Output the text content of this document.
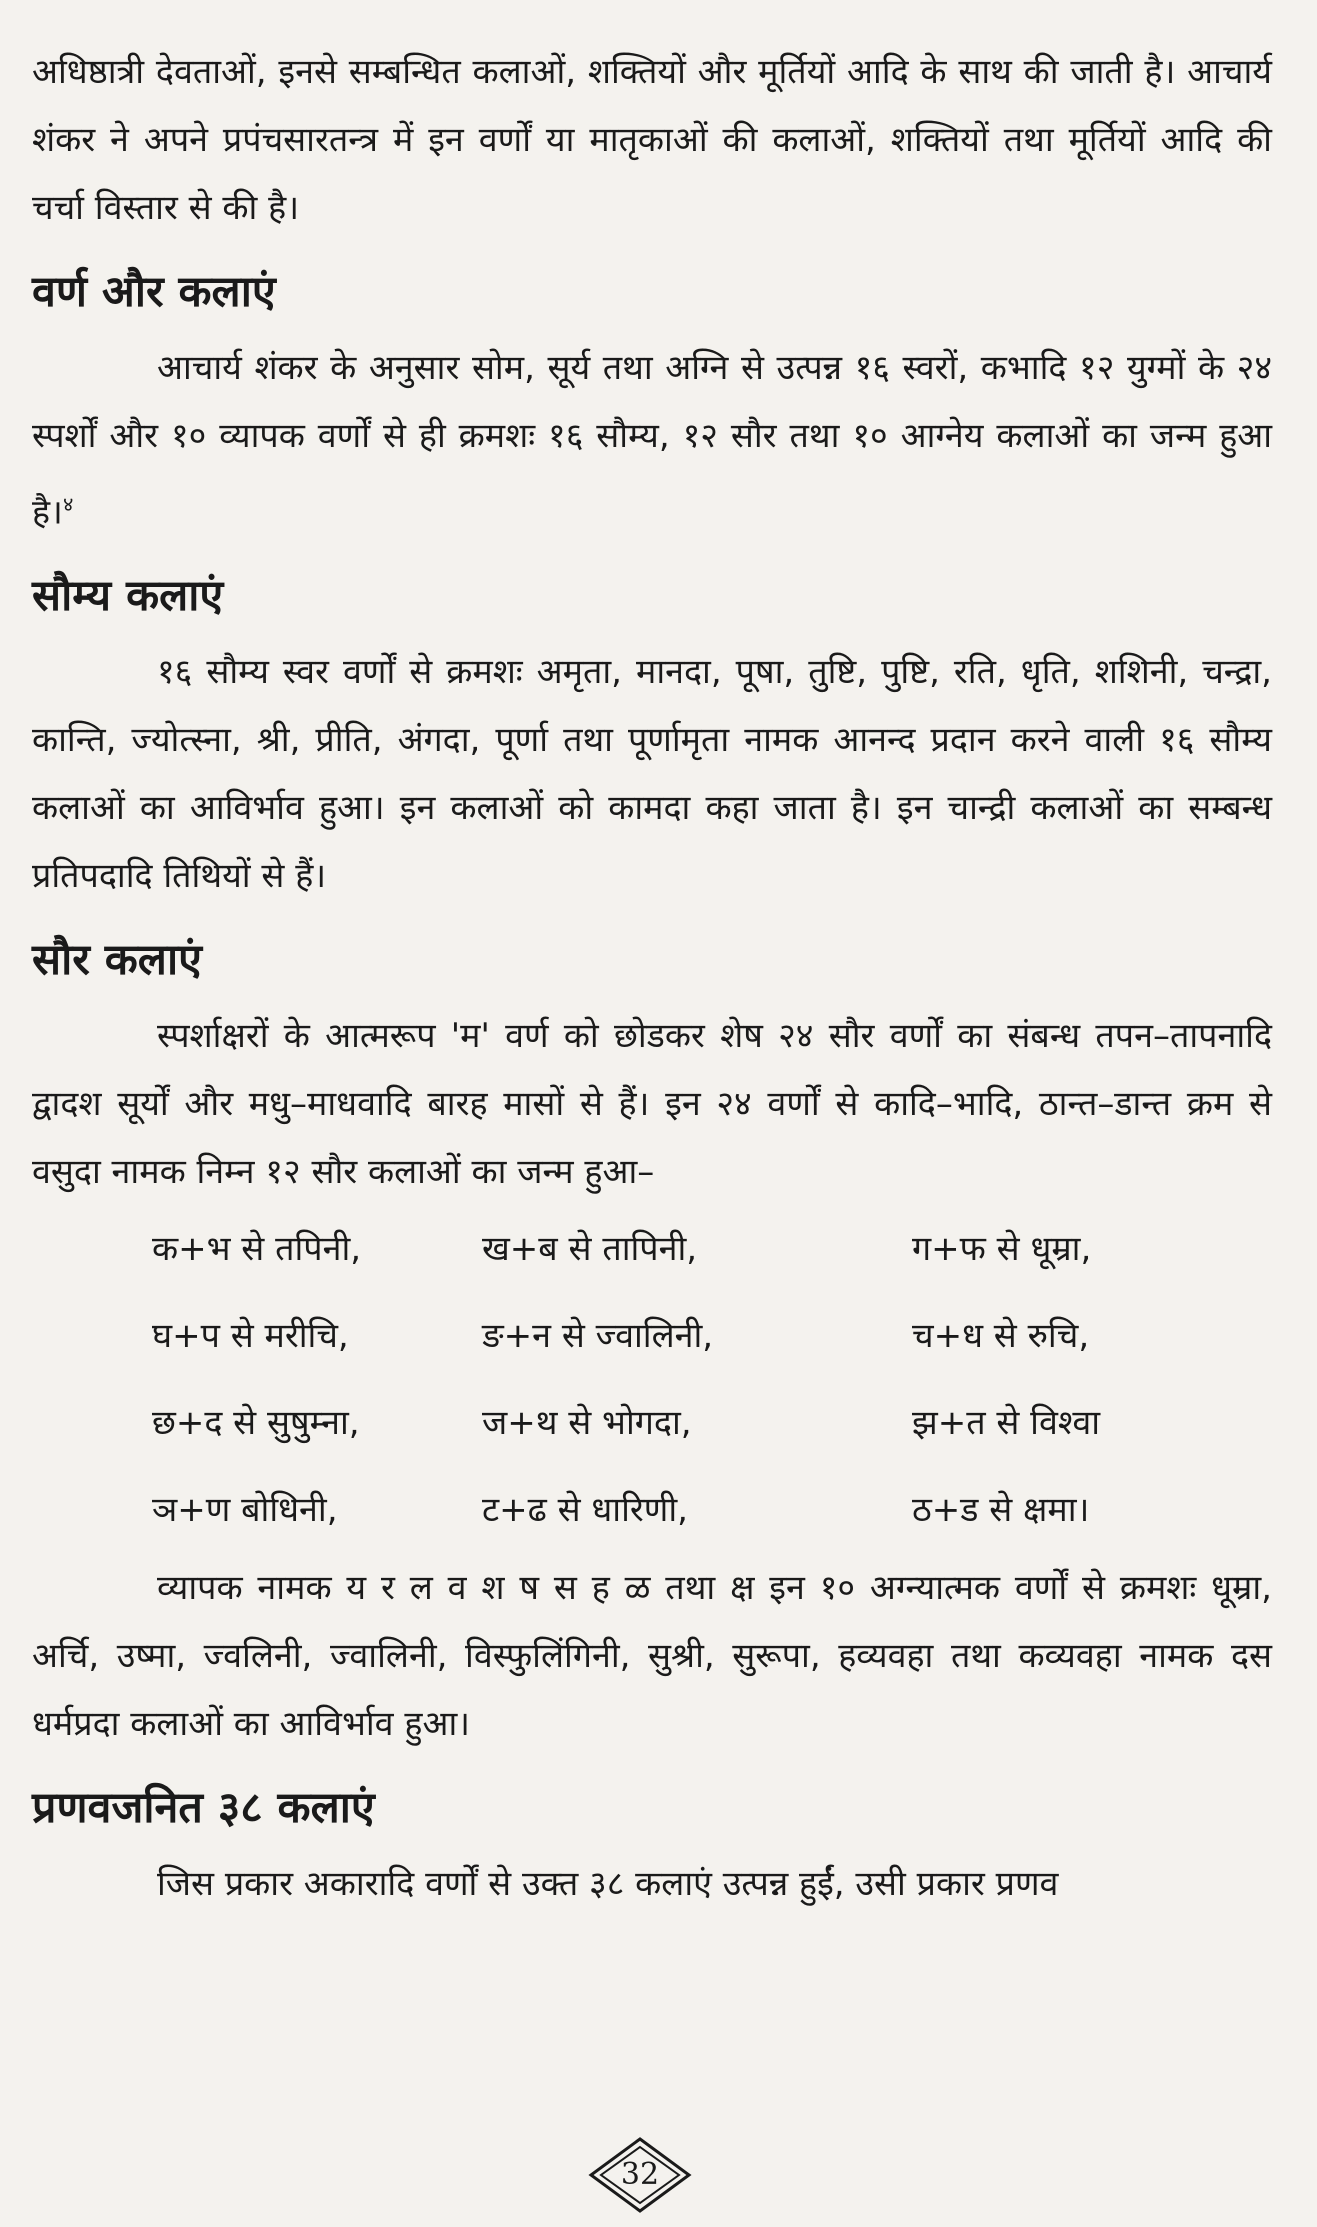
अधिष्ठात्री देवताओं, इनसे सम्बन्धित कलाओं, शक्तियों और मूर्तियों आदि के साथ की जाती है। आचार्य शंकर ने अपने प्रपंचसारतन्त्र में इन वर्णों या मातृकाओं की कलाओं, शक्तियों तथा मूर्तियों आदि की चर्चा विस्तार से की है।

वर्ण और कलाएं

आचार्य शंकर के अनुसार सोम, सूर्य तथा अग्नि से उत्पन्न १६ स्वरों, कभादि १२ युग्मों के २४ स्पर्शों और १० व्यापक वर्णों से ही क्रमशः १६ सौम्य, १२ सौर तथा १० आग्नेय कलाओं का जन्म हुआ है।$^४$

सौम्य कलाएं

१६ सौम्य स्वर वर्णों से क्रमशः अमृता, मानदा, पूषा, तुष्टि, पुष्टि, रति, धृति, शशिनी, चन्द्रा, कान्ति, ज्योत्स्ना, श्री, प्रीति, अंगदा, पूर्णा तथा पूर्णामृता नामक आनन्द प्रदान करने वाली १६ सौम्य कलाओं का आविर्भाव हुआ। इन कलाओं को कामदा कहा जाता है। इन चान्द्री कलाओं का सम्बन्ध प्रतिपदादि तिथियों से हैं।

सौर कलाएं

स्पर्शाक्षरों के आत्मरूप 'म' वर्ण को छोडकर शेष २४ सौर वर्णों का संबन्ध तपन–तापनादि द्वादश सूर्यों और मधु–माधवादि बारह मासों से हैं। इन २४ वर्णों से कादि–भादि, ठान्त–डान्त क्रम से वसुदा नामक निम्न १२ सौर कलाओं का जन्म हुआ–

क+भ से तपिनी,	ख+ब से तापिनी,	ग+फ से धूम्रा,
घ+प से मरीचि,	ङ+न से ज्वालिनी,	च+ध से रुचि,
छ+द से सुषुम्ना,	ज+थ से भोगदा,	झ+त से विश्वा
ञ+ण बोधिनी,	ट+ढ से धारिणी,	ठ+ड से क्षमा।

व्यापक नामक य र ल व श ष स ह ळ तथा क्ष इन १० अग्न्यात्मक वर्णों से क्रमशः धूम्रा, अर्चि, उष्मा, ज्वलिनी, ज्वालिनी, विस्फुलिंगिनी, सुश्री, सुरूपा, हव्यवहा तथा कव्यवहा नामक दस धर्मप्रदा कलाओं का आविर्भाव हुआ।

प्रणवजनित ३८ कलाएं

जिस प्रकार अकारादि वर्णों से उक्त ३८ कलाएं उत्पन्न हुईं, उसी प्रकार प्रणव

32
